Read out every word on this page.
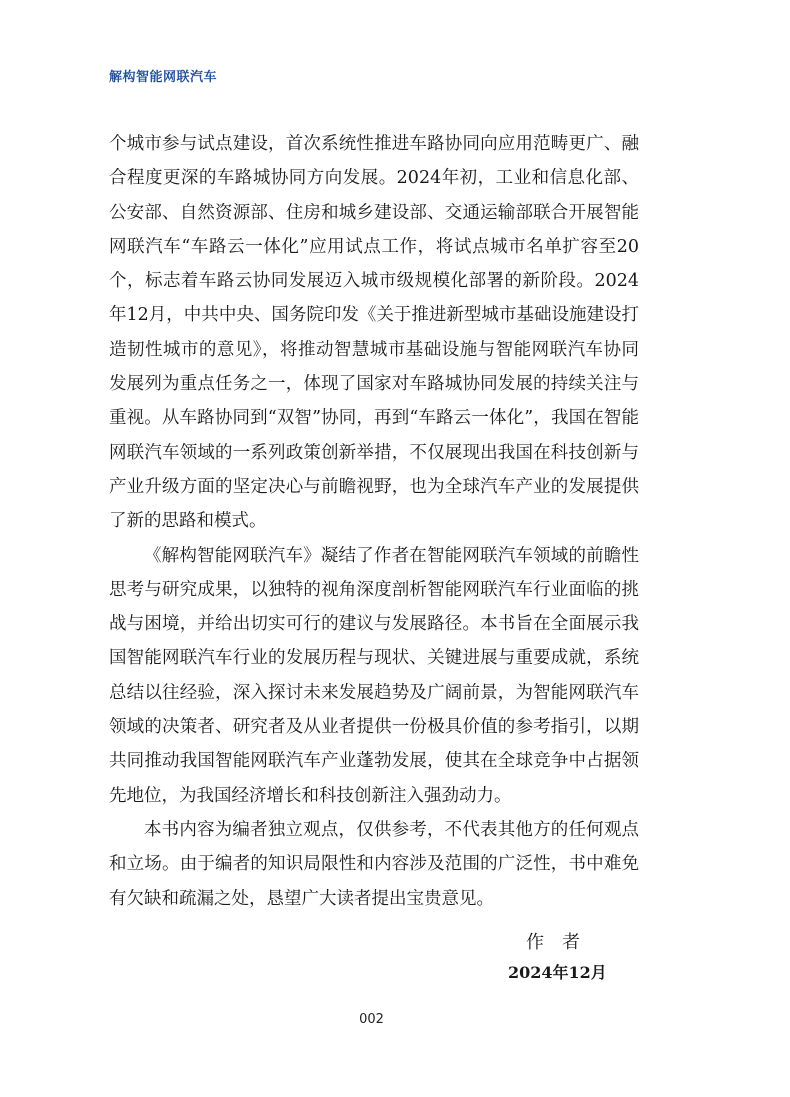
解构智能网联汽车

个城市参与试点建设，首次系统性推进车路协同向应用范畴更广、融合程度更深的车路城协同方向发展。2024年初，工业和信息化部、公安部、自然资源部、住房和城乡建设部、交通运输部联合开展智能网联汽车“车路云一体化”应用试点工作，将试点城市名单扩容至20个，标志着车路云协同发展迈入城市级规模化部署的新阶段。2024年12月，中共中央、国务院印发《关于推进新型城市基础设施建设打造韧性城市的意见》，将推动智慧城市基础设施与智能网联汽车协同发展列为重点任务之一，体现了国家对车路城协同发展的持续关注与重视。从车路协同到“双智”协同，再到“车路云一体化”，我国在智能网联汽车领域的一系列政策创新举措，不仅展现出我国在科技创新与产业升级方面的坚定决心与前瞻视野，也为全球汽车产业的发展提供了新的思路和模式。

《解构智能网联汽车》凝结了作者在智能网联汽车领域的前瞻性思考与研究成果，以独特的视角深度剖析智能网联汽车行业面临的挑战与困境，并给出切实可行的建议与发展路径。本书旨在全面展示我国智能网联汽车行业的发展历程与现状、关键进展与重要成就，系统总结以往经验，深入探讨未来发展趋势及广阔前景，为智能网联汽车领域的决策者、研究者及从业者提供一份极具价值的参考指引，以期共同推动我国智能网联汽车产业蓬勃发展，使其在全球竞争中占据领先地位，为我国经济增长和科技创新注入强劲动力。

本书内容为编者独立观点，仅供参考，不代表其他方的任何观点和立场。由于编者的知识局限性和内容涉及范围的广泛性，书中难免有欠缺和疏漏之处，恳望广大读者提出宝贵意见。

作者
2024年12月
002
